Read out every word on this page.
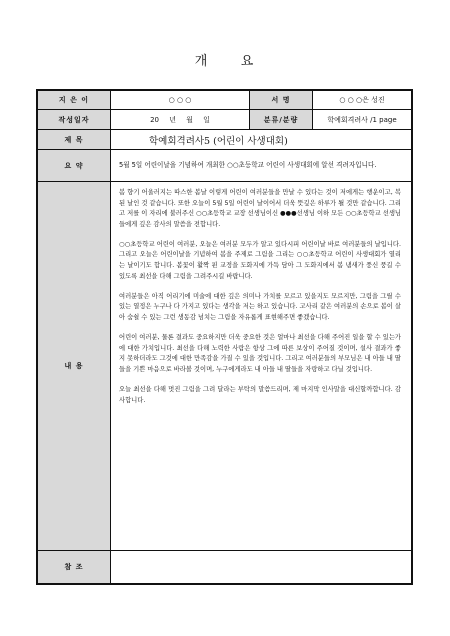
개 요
지 은 이	○ ○ ○	서 명	○ ○ ○은 성진
작성일자	20 년 월 일	분류/분량	학예회격려사 /1 page
제 목	학예회격려사5 (어린이 사생대회)
요 약	5월 5일 어린이날을 기념하여 개최한 ○○초등학교 어린이 사생대회에 알선 격려자입니다.
내 용

봄 향기 어울러지는 따스한 봄날 이렇게 어린이 여러분들을 만날 수 있다는 것이 저에게는 행운이고, 복된 날인 것 같습니다. 또한 오늘이 5월 5일 어린이 날이어서 더욱 뜻깊은 하루가 될 것만 같습니다. 그리고 저를 이 자리에 불러주신 ○○초등학교 교장 선생님이신 ●●●선생님 이하 모든 ○○초등학교 선생님들에게 깊은 감사의 말씀을 전합니다.

○○초등학교 어린이 여러분, 오늘은 여러분 모두가 알고 있다시피 어린이날 바로 여러분들의 날입니다. 그리고 오늘은 어린이날을 기념하여 봄을 주제로 그림을 그리는 ○○초등학교 어린이 사생대회가 열리는 날이기도 합니다. 봄꽃이 활짝 핀 교정을 도화지에 가득 담아 그 도화지에서 봄 냄새가 풍신 풍길 수 있도록 최선을 다해 그림을 그려주시길 바랍니다.

여러분들은 아직 어리기에 미술에 대한 깊은 의미나 가치를 모르고 있을지도 모르지만, 그림을 그릴 수 있는 열정은 누구나 다 가지고 있다는 생각을 저는 하고 있습니다. 고사리 같은 여러분의 손으로 봄이 살아 숨쉴 수 있는 그런 생동감 넘치는 그림을 자유롭게 표현해주면 좋겠습니다.

어린이 여러분, 물론 결과도 중요하지만 더욱 중요한 것은 얼마나 최선을 다해 주어진 일을 할 수 있는가에 대한 가치입니다. 최선을 다해 노력한 사람은 항상 그에 따른 보상이 주어질 것이며, 설사 결과가 좋지 못하더라도 그것에 대한 만족감을 가질 수 있을 것입니다. 그리고 여러분들의 부모님은 내 아들 내 딸들을 기쁜 마음으로 바라볼 것이며, 누구에게라도 내 아들 내 딸들을 자랑하고 다닐 것입니다.

오늘 최선을 다해 멋진 그림을 그려 달라는 부탁의 말씀드리며, 제 마지막 인사말을 대신할까합니다. 감사합니다.

참 조
